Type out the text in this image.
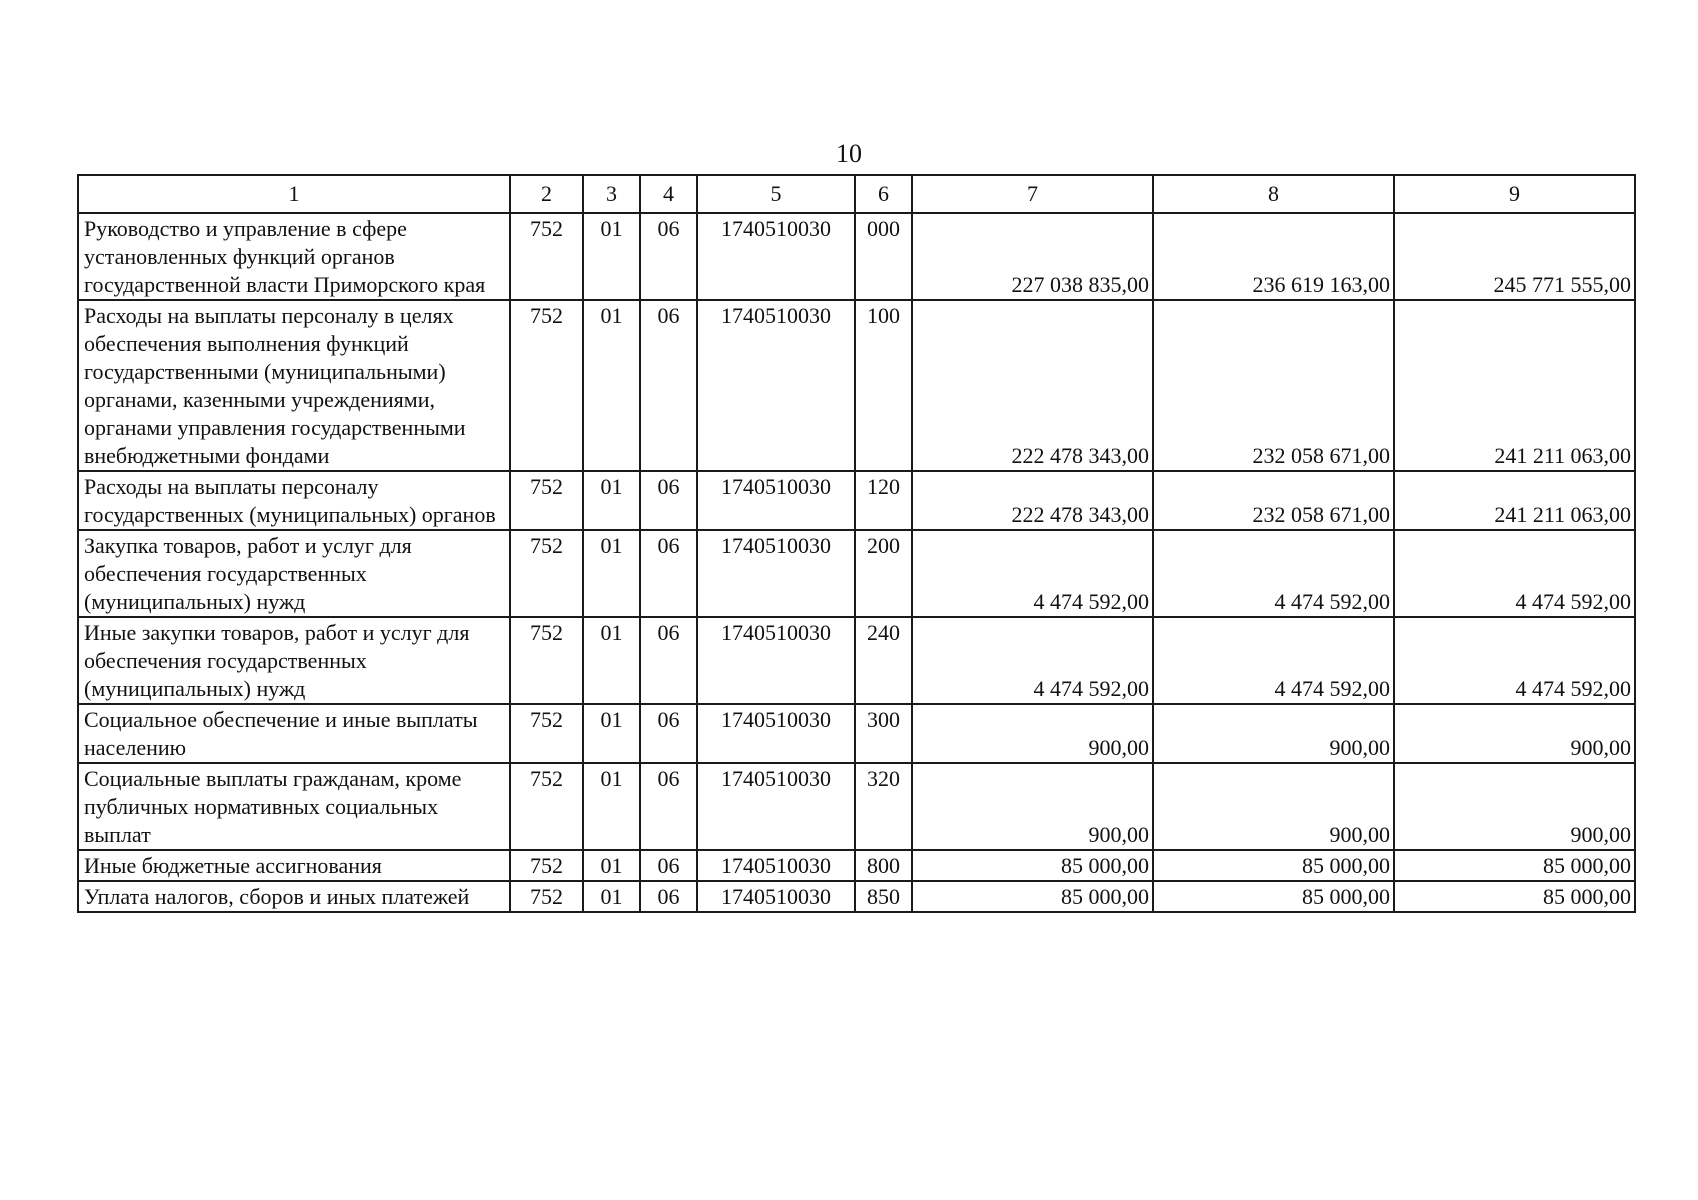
10
1	2	3	4	5	6	7	8	9
Руководство и управление в сфере установленных функций органов государственной власти Приморского края	752	01	06	1740510030	000	227 038 835,00	236 619 163,00	245 771 555,00
Расходы на выплаты персоналу в целях обеспечения выполнения функций государственными (муниципальными) органами, казенными учреждениями, органами управления государственными внебюджетными фондами	752	01	06	1740510030	100	222 478 343,00	232 058 671,00	241 211 063,00
Расходы на выплаты персоналу государственных (муниципальных) органов	752	01	06	1740510030	120	222 478 343,00	232 058 671,00	241 211 063,00
Закупка товаров, работ и услуг для обеспечения государственных (муниципальных) нужд	752	01	06	1740510030	200	4 474 592,00	4 474 592,00	4 474 592,00
Иные закупки товаров, работ и услуг для обеспечения государственных (муниципальных) нужд	752	01	06	1740510030	240	4 474 592,00	4 474 592,00	4 474 592,00
Социальное обеспечение и иные выплаты населению	752	01	06	1740510030	300	900,00	900,00	900,00
Социальные выплаты гражданам, кроме публичных нормативных социальных выплат	752	01	06	1740510030	320	900,00	900,00	900,00
Иные бюджетные ассигнования	752	01	06	1740510030	800	85 000,00	85 000,00	85 000,00
Уплата налогов, сборов и иных платежей	752	01	06	1740510030	850	85 000,00	85 000,00	85 000,00
